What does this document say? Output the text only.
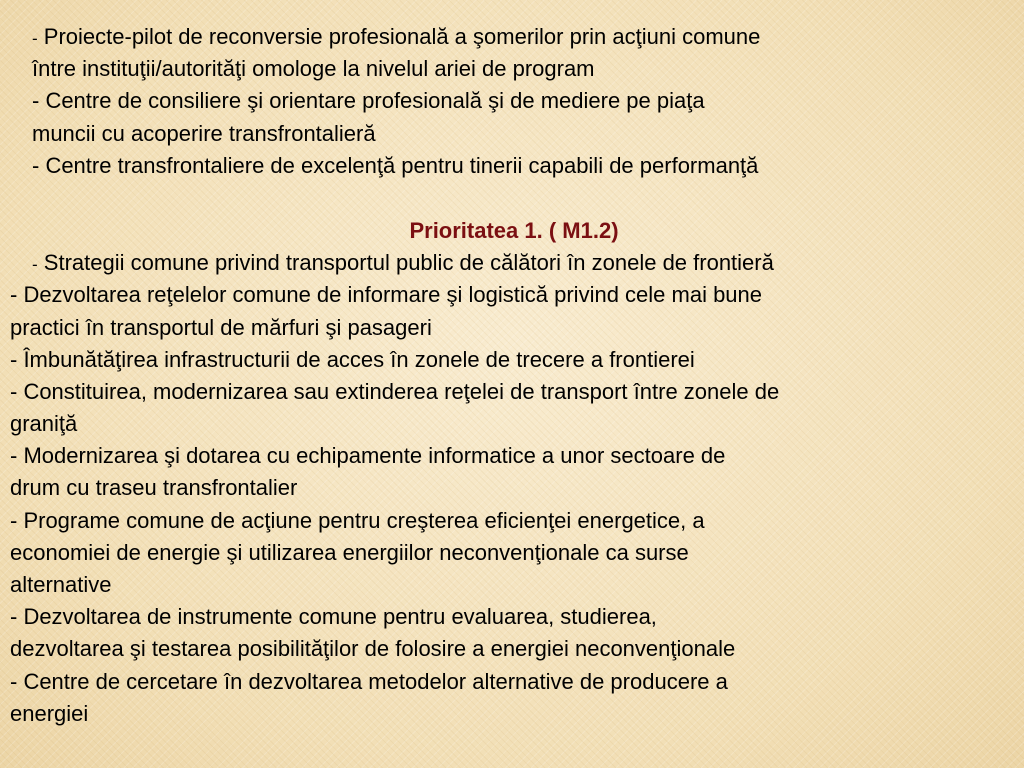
- Proiecte-pilot de reconversie profesională a şomerilor prin acţiuni comune
între instituţii/autorităţi omologe la nivelul ariei de program
- Centre de consiliere şi orientare profesională şi de mediere pe piaţa
muncii cu acoperire transfrontalieră
- Centre transfrontaliere de excelenţă pentru tinerii capabili de performanţă
Prioritatea 1. ( M1.2)
- Strategii comune privind transportul public de călători în zonele de frontieră
- Dezvoltarea reţelelor comune de informare şi logistică privind cele mai bune
practici în transportul de mărfuri şi pasageri
- Îmbunătăţirea infrastructurii de acces în zonele de trecere a frontierei
- Constituirea, modernizarea sau extinderea reţelei de transport între zonele de
graniţă
- Modernizarea şi dotarea cu echipamente informatice a unor sectoare de
drum cu traseu transfrontalier
- Programe comune de acţiune pentru creşterea eficienţei energetice, a
economiei de energie şi utilizarea energiilor neconvenţionale ca surse
alternative
- Dezvoltarea de instrumente comune pentru evaluarea, studierea,
dezvoltarea şi testarea posibilităţilor de folosire a energiei neconvenţionale
- Centre de cercetare în dezvoltarea metodelor alternative de producere a
energiei
